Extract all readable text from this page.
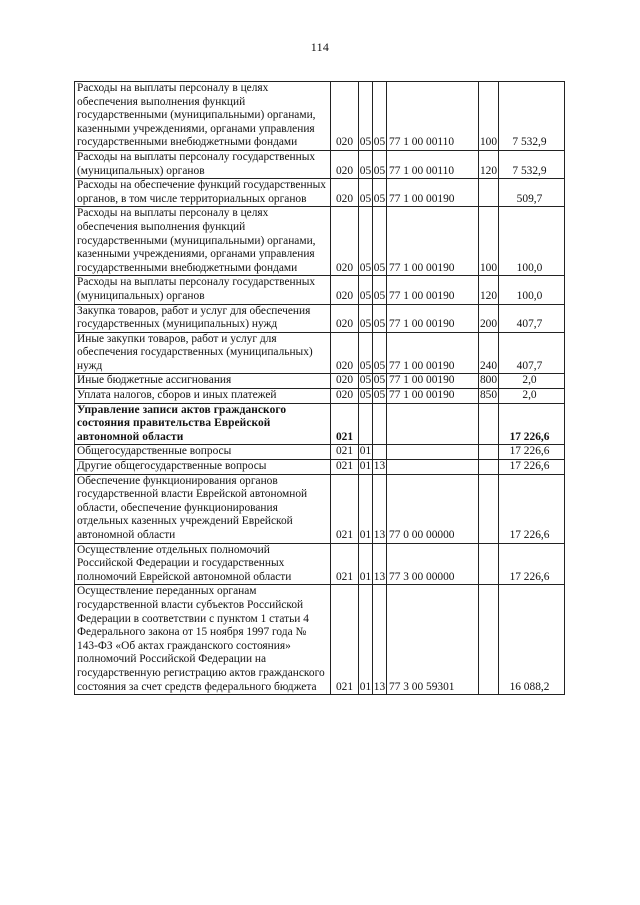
114
Расходы на выплаты персоналу в целях обеспечения выполнения функций государственными (муниципальными) органами, казенными учреждениями, органами управления государственными внебюджетными фондами	020	05	05	77 1 00 00110	100	7 532,9
Расходы на выплаты персоналу государственных (муниципальных) органов	020	05	05	77 1 00 00110	120	7 532,9
Расходы на обеспечение функций государственных органов, в том числе территориальных органов	020	05	05	77 1 00 00190		509,7
Расходы на выплаты персоналу в целях обеспечения выполнения функций государственными (муниципальными) органами, казенными учреждениями, органами управления государственными внебюджетными фондами	020	05	05	77 1 00 00190	100	100,0
Расходы на выплаты персоналу государственных (муниципальных) органов	020	05	05	77 1 00 00190	120	100,0
Закупка товаров, работ и услуг для обеспечения государственных (муниципальных) нужд	020	05	05	77 1 00 00190	200	407,7
Иные закупки товаров, работ и услуг для обеспечения государственных (муниципальных) нужд	020	05	05	77 1 00 00190	240	407,7
Иные бюджетные ассигнования	020	05	05	77 1 00 00190	800	2,0
Уплата налогов, сборов и иных платежей	020	05	05	77 1 00 00190	850	2,0
Управление записи актов гражданского состояния правительства Еврейской автономной области	021					17 226,6
Общегосударственные вопросы	021	01				17 226,6
Другие общегосударственные вопросы	021	01	13			17 226,6
Обеспечение функционирования органов государственной власти Еврейской автономной области, обеспечение функционирования отдельных казенных учреждений Еврейской автономной области	021	01	13	77 0 00 00000		17 226,6
Осуществление отдельных полномочий Российской Федерации и государственных полномочий Еврейской автономной области	021	01	13	77 3 00 00000		17 226,6
Осуществление переданных органам государственной власти субъектов Российской Федерации в соответствии с пунктом 1 статьи 4 Федерального закона от 15 ноября 1997 года № 143-ФЗ «Об актах гражданского состояния» полномочий Российской Федерации на государственную регистрацию актов гражданского состояния за счет средств федерального бюджета	021	01	13	77 3 00 59301		16 088,2
